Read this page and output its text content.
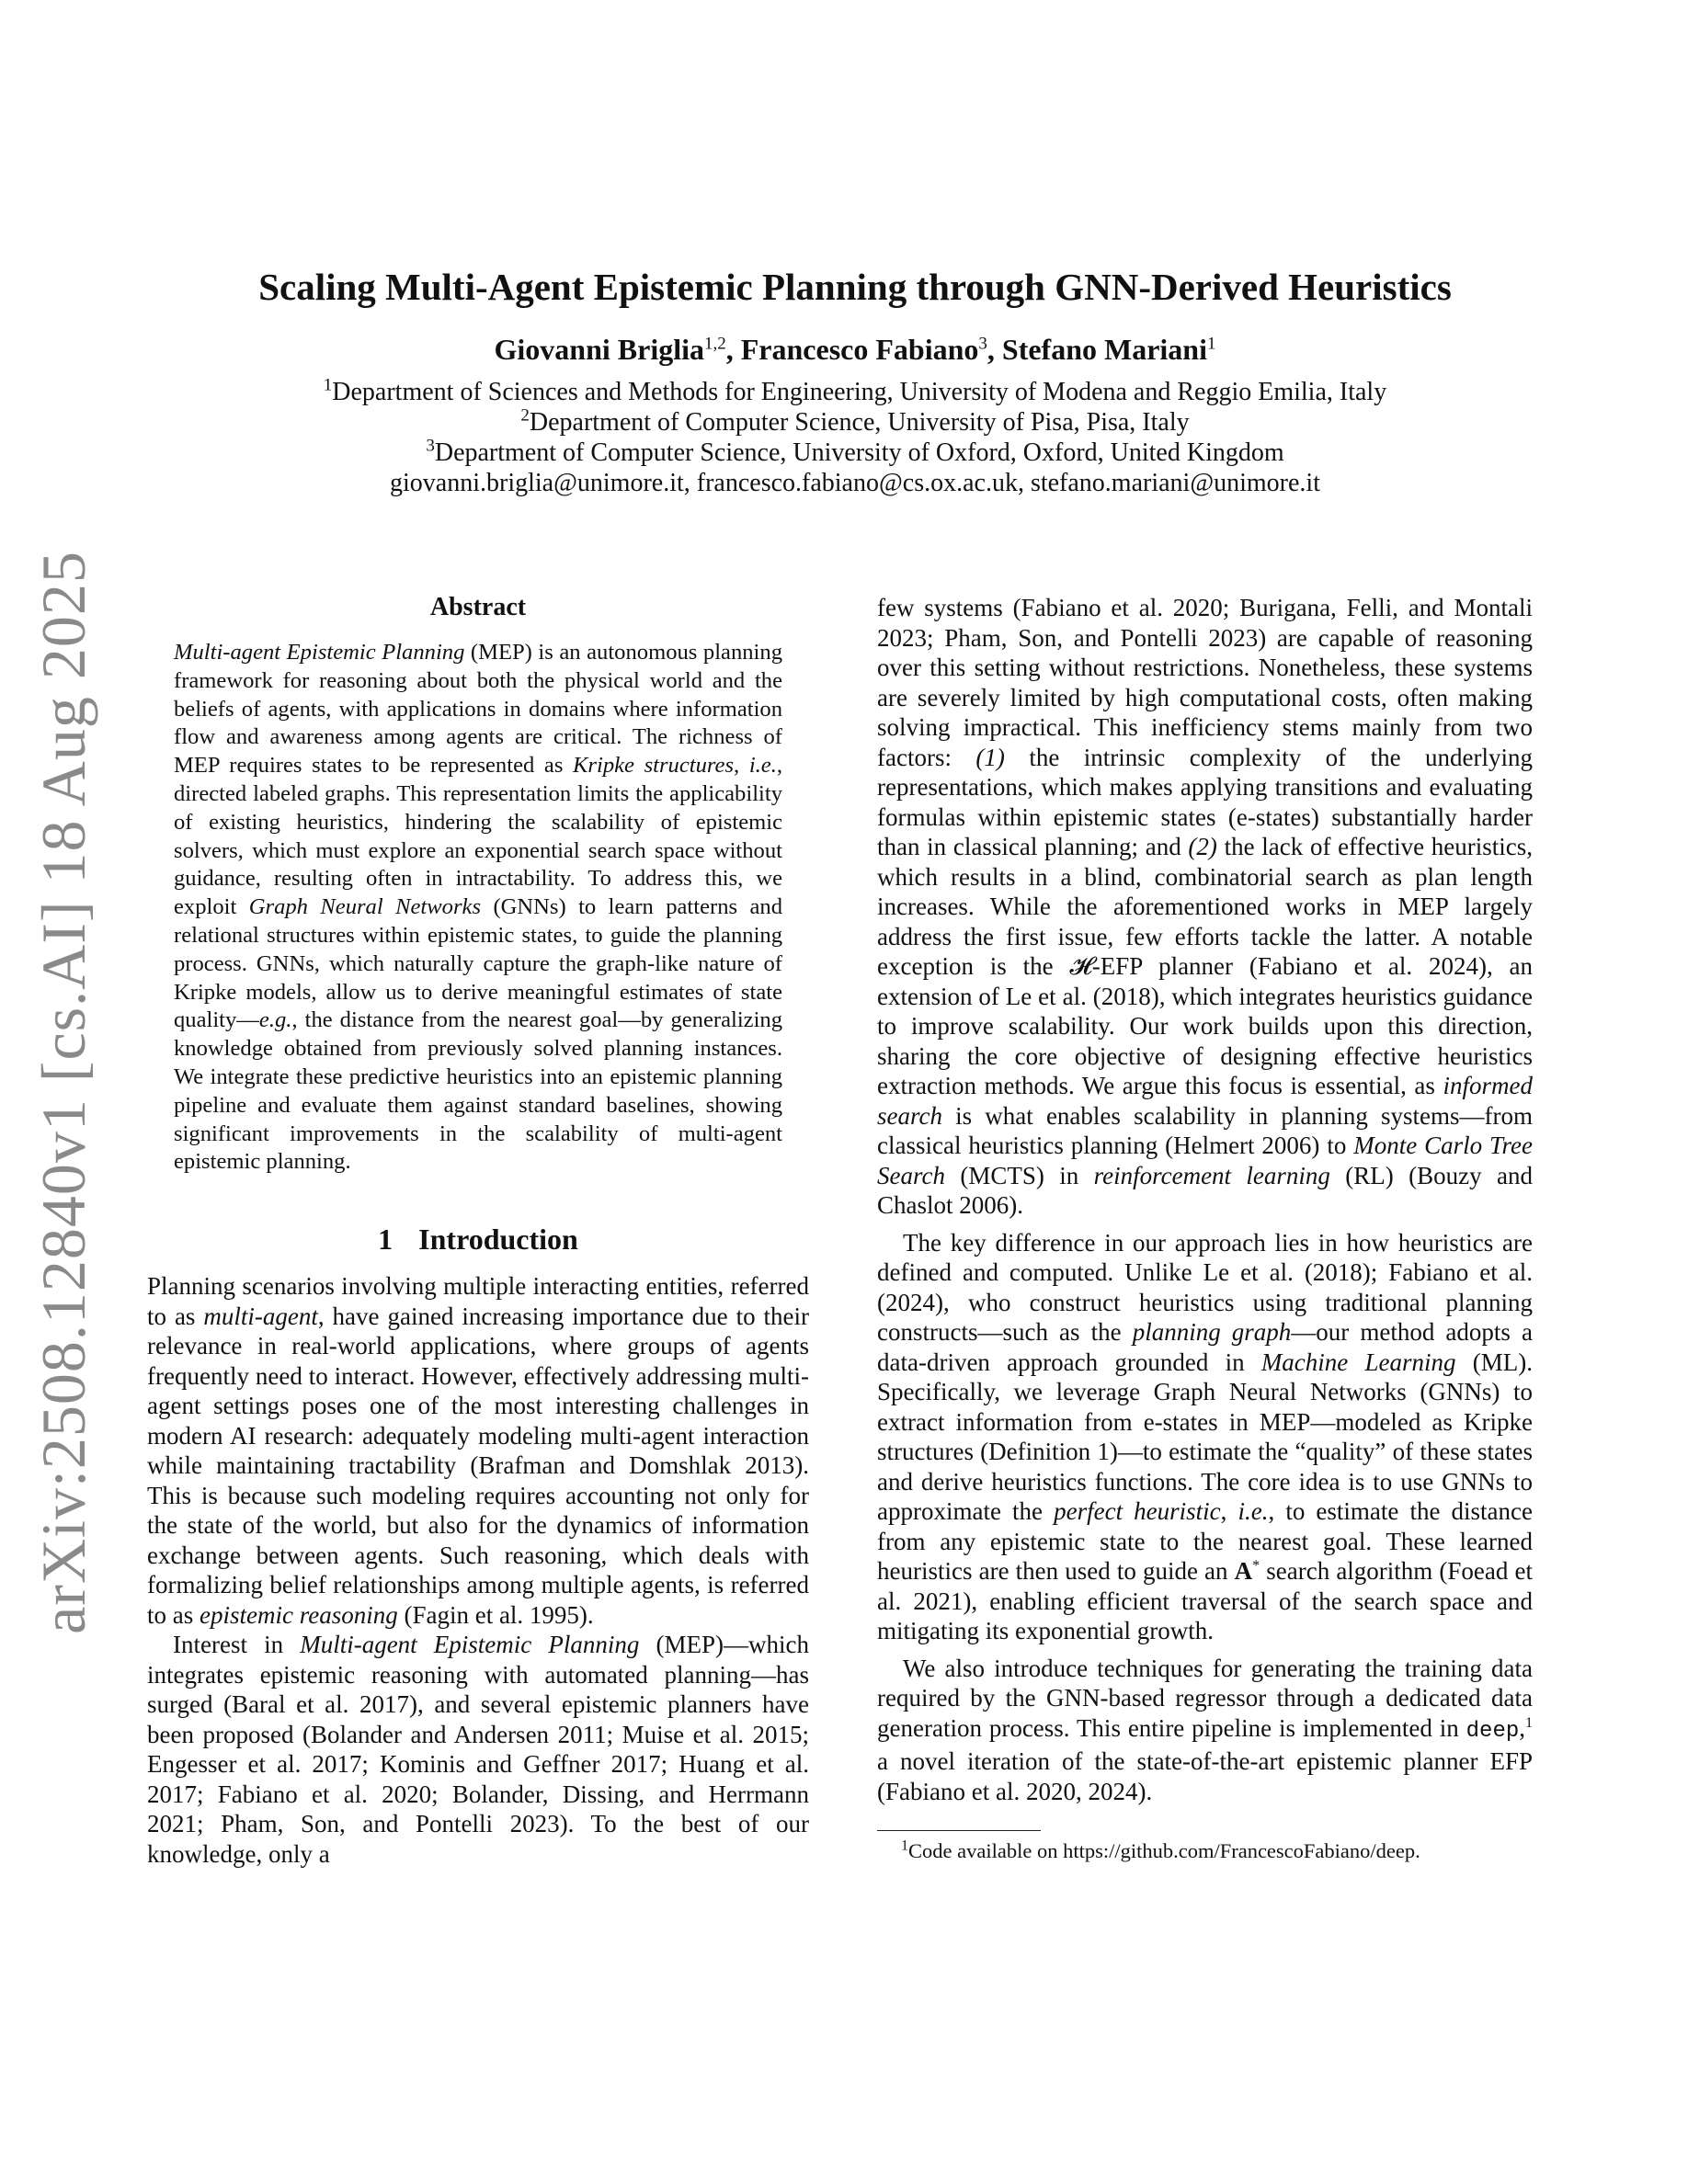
arXiv:2508.12840v1 [cs.AI] 18 Aug 2025
Scaling Multi-Agent Epistemic Planning through GNN-Derived Heuristics
Giovanni Briglia$^{1,2}$, Francesco Fabiano$^3$, Stefano Mariani$^1$
$^1$Department of Sciences and Methods for Engineering, University of Modena and Reggio Emilia, Italy
$^2$Department of Computer Science, University of Pisa, Pisa, Italy
$^3$Department of Computer Science, University of Oxford, Oxford, United Kingdom
giovanni.briglia@unimore.it, francesco.fabiano@cs.ox.ac.uk, stefano.mariani@unimore.it
Abstract

Multi-agent Epistemic Planning (MEP) is an autonomous planning framework for reasoning about both the physical world and the beliefs of agents, with applications in domains where information flow and awareness among agents are critical. The richness of MEP requires states to be represented as Kripke structures, i.e., directed labeled graphs. This representation limits the applicability of existing heuristics, hindering the scalability of epistemic solvers, which must explore an exponential search space without guidance, resulting often in intractability. To address this, we exploit Graph Neural Networks (GNNs) to learn patterns and relational structures within epistemic states, to guide the planning process. GNNs, which naturally capture the graph-like nature of Kripke models, allow us to derive meaningful estimates of state quality—e.g., the distance from the nearest goal—by generalizing knowledge obtained from previously solved planning instances. We integrate these predictive heuristics into an epistemic planning pipeline and evaluate them against standard baselines, showing significant improvements in the scalability of multi-agent epistemic planning.

1 Introduction

Planning scenarios involving multiple interacting entities, referred to as multi-agent, have gained increasing importance due to their relevance in real-world applications, where groups of agents frequently need to interact. However, effectively addressing multi-agent settings poses one of the most interesting challenges in modern AI research: adequately modeling multi-agent interaction while maintaining tractability (Brafman and Domshlak 2013). This is because such modeling requires accounting not only for the state of the world, but also for the dynamics of information exchange between agents. Such reasoning, which deals with formalizing belief relationships among multiple agents, is referred to as epistemic reasoning (Fagin et al. 1995).

Interest in Multi-agent Epistemic Planning (MEP)—which integrates epistemic reasoning with automated planning—has surged (Baral et al. 2017), and several epistemic planners have been proposed (Bolander and Andersen 2011; Muise et al. 2015; Engesser et al. 2017; Kominis and Geffner 2017; Huang et al. 2017; Fabiano et al. 2020; Bolander, Dissing, and Herrmann 2021; Pham, Son, and Pontelli 2023). To the best of our knowledge, only a

few systems (Fabiano et al. 2020; Burigana, Felli, and Montali 2023; Pham, Son, and Pontelli 2023) are capable of reasoning over this setting without restrictions. Nonetheless, these systems are severely limited by high computational costs, often making solving impractical. This inefficiency stems mainly from two factors: (1) the intrinsic complexity of the underlying representations, which makes applying transitions and evaluating formulas within epistemic states (e-states) substantially harder than in classical planning; and (2) the lack of effective heuristics, which results in a blind, combinatorial search as plan length increases. While the aforementioned works in MEP largely address the first issue, few efforts tackle the latter. A notable exception is the 𝓗-EFP planner (Fabiano et al. 2024), an extension of Le et al. (2018), which integrates heuristics guidance to improve scalability. Our work builds upon this direction, sharing the core objective of designing effective heuristics extraction methods. We argue this focus is essential, as informed search is what enables scalability in planning systems—from classical heuristics planning (Helmert 2006) to Monte Carlo Tree Search (MCTS) in reinforcement learning (RL) (Bouzy and Chaslot 2006).

The key difference in our approach lies in how heuristics are defined and computed. Unlike Le et al. (2018); Fabiano et al. (2024), who construct heuristics using traditional planning constructs—such as the planning graph—our method adopts a data-driven approach grounded in Machine Learning (ML). Specifically, we leverage Graph Neural Networks (GNNs) to extract information from e-states in MEP—modeled as Kripke structures (Definition 1)—to estimate the “quality” of these states and derive heuristics functions. The core idea is to use GNNs to approximate the perfect heuristic, i.e., to estimate the distance from any epistemic state to the nearest goal. These learned heuristics are then used to guide an A* search algorithm (Foead et al. 2021), enabling efficient traversal of the search space and mitigating its exponential growth.

We also introduce techniques for generating the training data required by the GNN-based regressor through a dedicated data generation process. This entire pipeline is implemented in deep,$^1$ a novel iteration of the state-of-the-art epistemic planner EFP (Fabiano et al. 2020, 2024).

$^1$Code available on https://github.com/FrancescoFabiano/deep.
